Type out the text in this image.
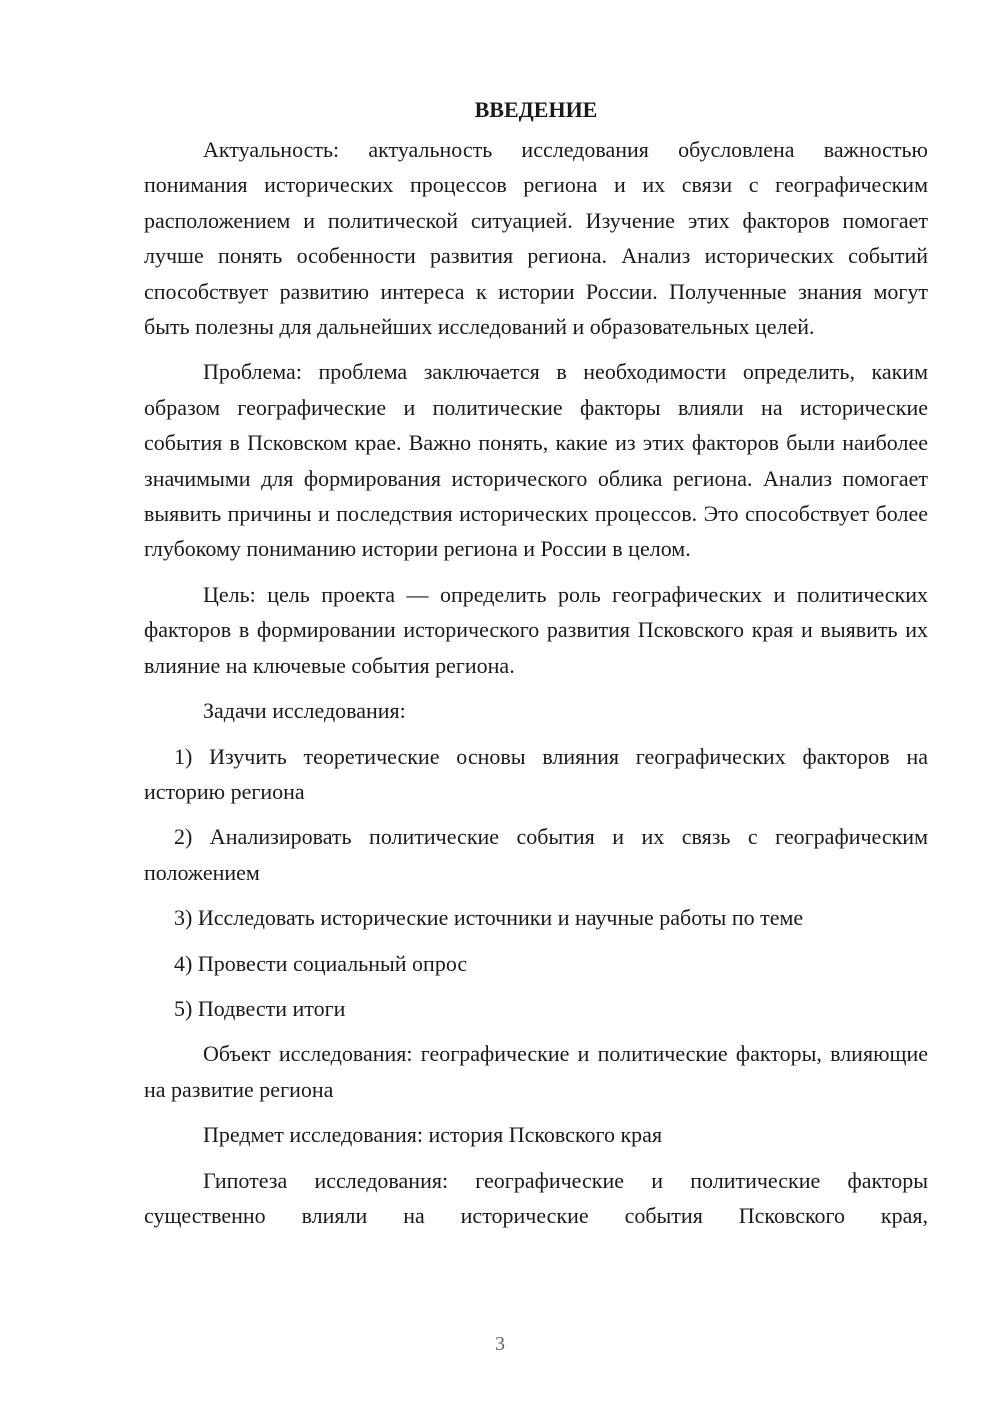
ВВЕДЕНИЕ

Актуальность: актуальность исследования обусловлена важностью понимания исторических процессов региона и их связи с географическим расположением и политической ситуацией. Изучение этих факторов помогает лучше понять особенности развития региона. Анализ исторических событий способствует развитию интереса к истории России. Полученные знания могут быть полезны для дальнейших исследований и образовательных целей.

Проблема: проблема заключается в необходимости определить, каким образом географические и политические факторы влияли на исторические события в Псковском крае. Важно понять, какие из этих факторов были наиболее значимыми для формирования исторического облика региона. Анализ помогает выявить причины и последствия исторических процессов. Это способствует более глубокому пониманию истории региона и России в целом.

Цель: цель проекта — определить роль географических и политических факторов в формировании исторического развития Псковского края и выявить их влияние на ключевые события региона.

Задачи исследования:

1) Изучить теоретические основы влияния географических факторов на историю региона

2) Анализировать политические события и их связь с географическим положением

3) Исследовать исторические источники и научные работы по теме

4) Провести социальный опрос

5) Подвести итоги

Объект исследования: географические и политические факторы, влияющие на развитие региона

Предмет исследования: история Псковского края

Гипотеза исследования: географические и политические факторы существенно влияли на исторические события Псковского края,

3
